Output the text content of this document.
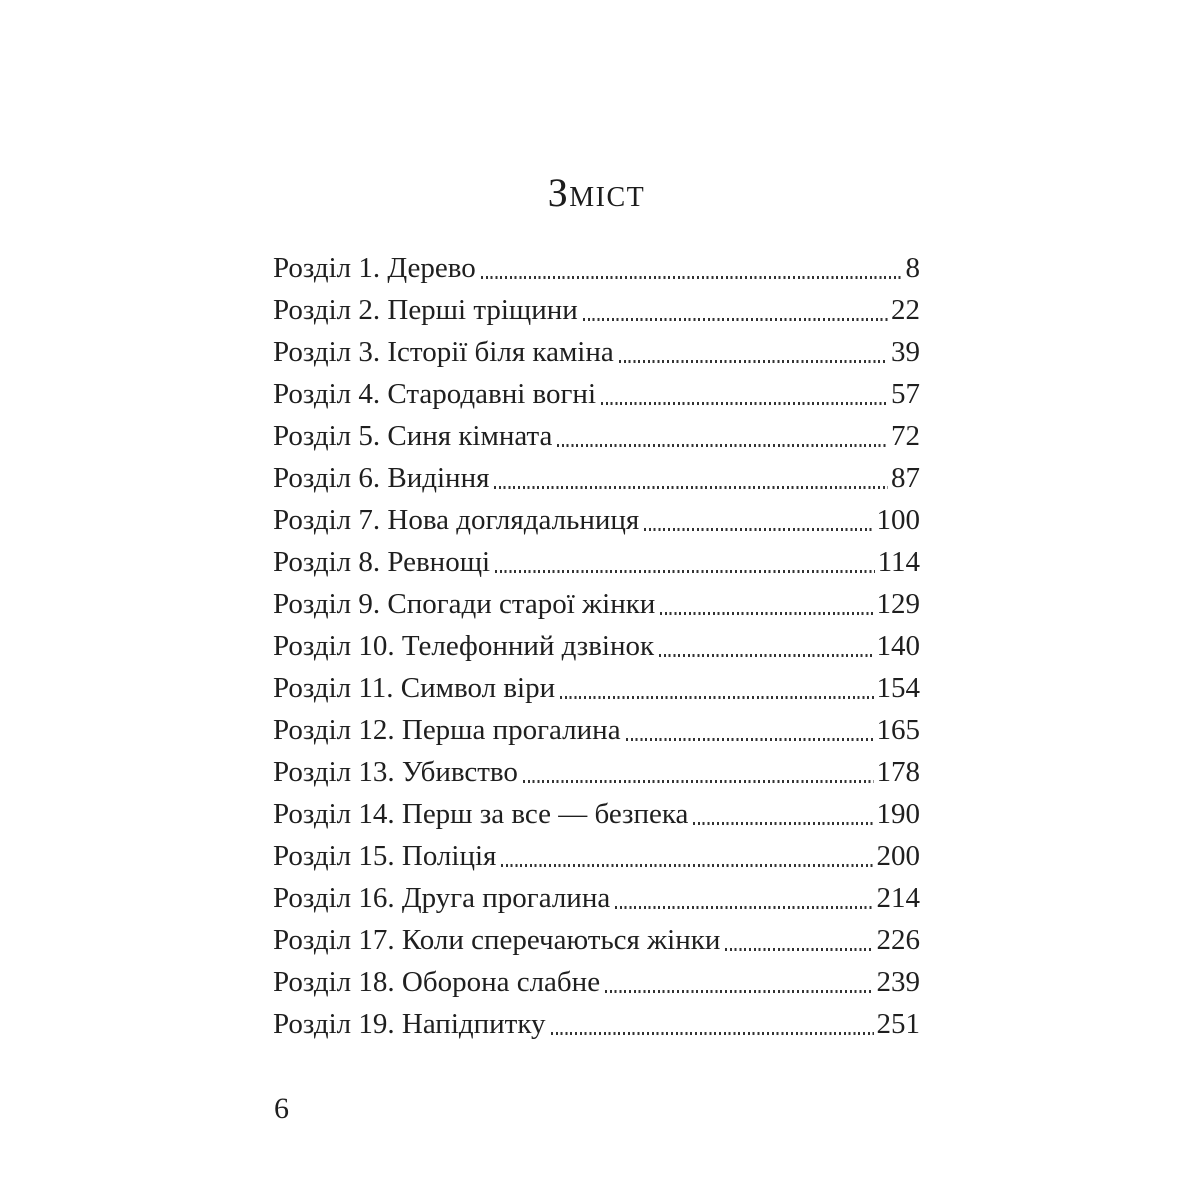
Зміст
Розділ 1. Дерево	8
Розділ 2. Перші тріщини	22
Розділ 3. Історії біля каміна	39
Розділ 4. Стародавні вогні	57
Розділ 5. Синя кімната	72
Розділ 6. Видіння	87
Розділ 7. Нова доглядальниця	100
Розділ 8. Ревнощі	114
Розділ 9. Спогади старої жінки	129
Розділ 10. Телефонний дзвінок	140
Розділ 11. Символ віри	154
Розділ 12. Перша прогалина	165
Розділ 13. Убивство	178
Розділ 14. Перш за все — безпека	190
Розділ 15. Поліція	200
Розділ 16. Друга прогалина	214
Розділ 17. Коли сперечаються жінки	226
Розділ 18. Оборона слабне	239
Розділ 19. Напідпитку	251
6
